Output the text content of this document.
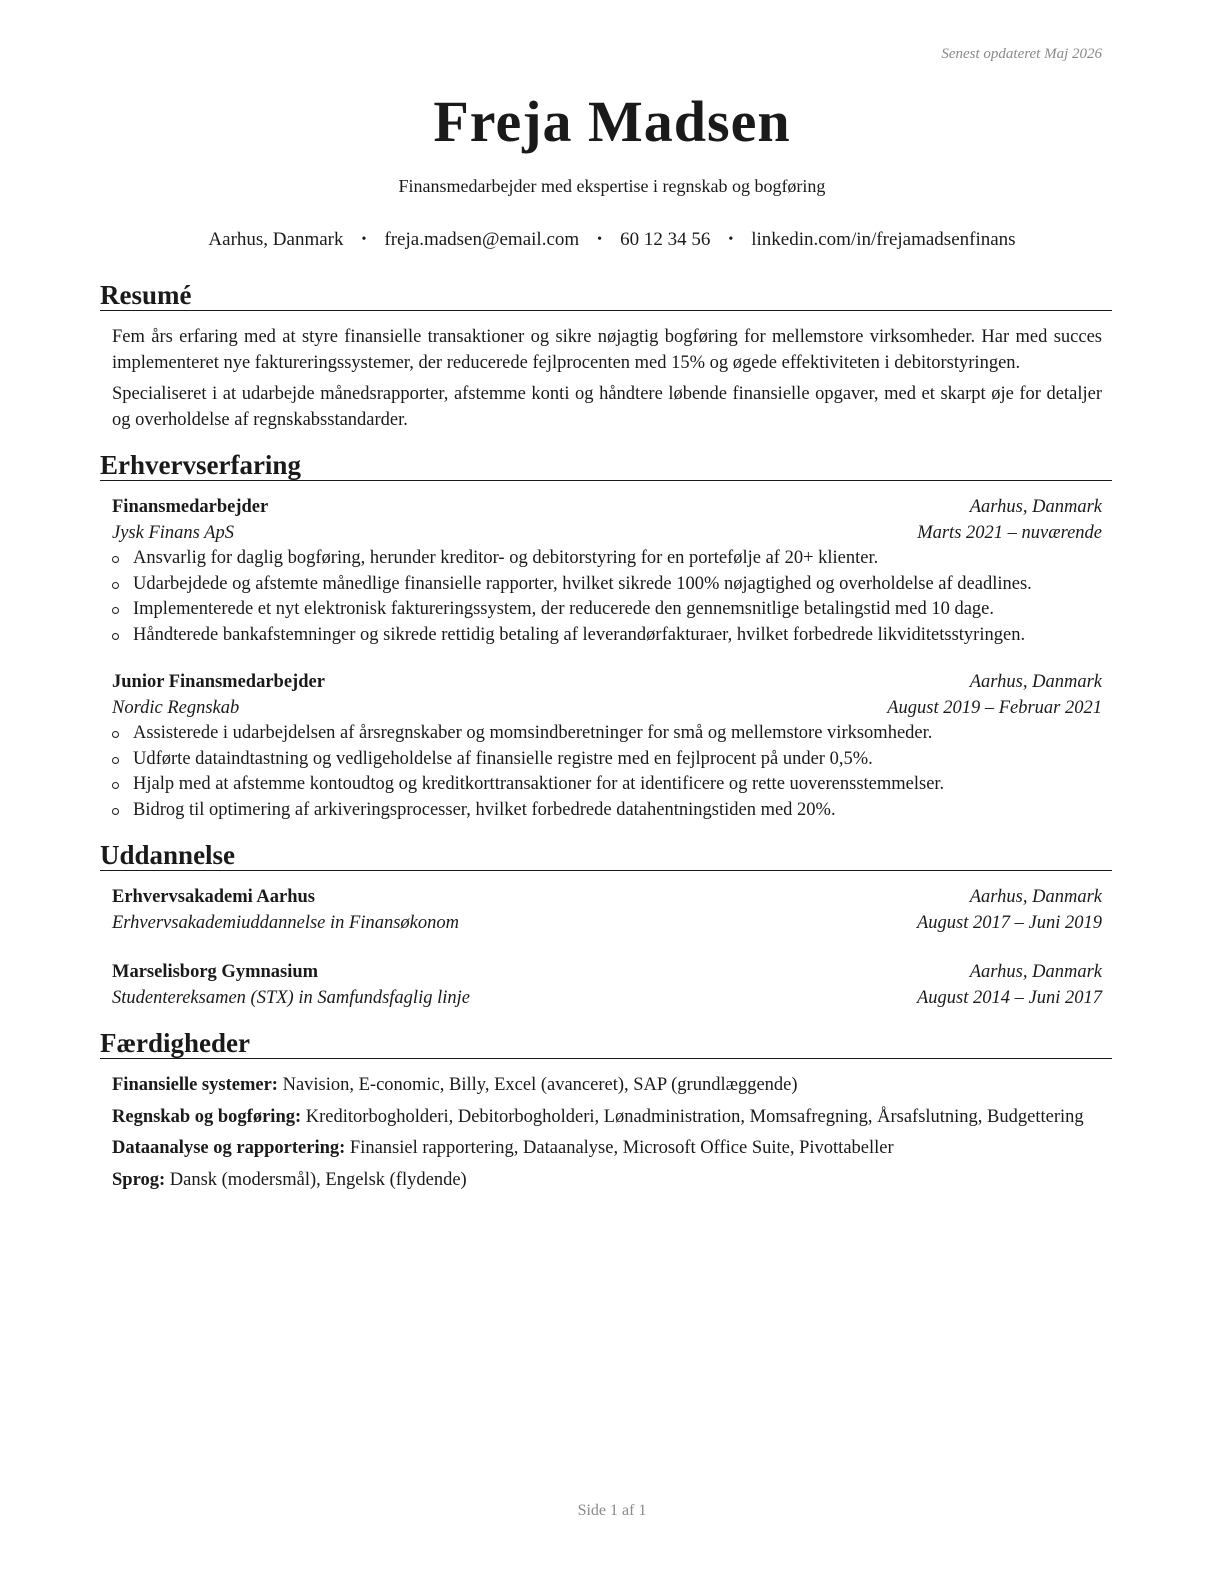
Senest opdateret Maj 2026
Freja Madsen
Finansmedarbejder med ekspertise i regnskab og bogføring
Aarhus, Danmark • freja.madsen@email.com • 60 12 34 56 • linkedin.com/in/frejamadsenfinans
Resumé

Fem års erfaring med at styre finansielle transaktioner og sikre nøjagtig bogføring for mellemstore virksomheder. Har med succes implementeret nye faktureringssystemer, der reducerede fejlprocenten med 15% og øgede effektiviteten i debitorstyringen.

Specialiseret i at udarbejde månedsrapporter, afstemme konti og håndtere løbende finansielle opgaver, med et skarpt øje for detaljer og overholdelse af regnskabsstandarder.

Erhvervserfaring
Finansmedarbejder	Aarhus, Danmark
Jysk Finans ApS	Marts 2021 – nuværende
Ansvarlig for daglig bogføring, herunder kreditor- og debitorstyring for en portefølje af 20+ klienter.
Udarbejdede og afstemte månedlige finansielle rapporter, hvilket sikrede 100% nøjagtighed og overholdelse af deadlines.
Implementerede et nyt elektronisk faktureringssystem, der reducerede den gennemsnitlige betalingstid med 10 dage.
Håndterede bankafstemninger og sikrede rettidig betaling af leverandørfakturaer, hvilket forbedrede likviditetsstyringen.
Junior Finansmedarbejder	Aarhus, Danmark
Nordic Regnskab	August 2019 – Februar 2021
Assisterede i udarbejdelsen af årsregnskaber og momsindberetninger for små og mellemstore virksomheder.
Udførte dataindtastning og vedligeholdelse af finansielle registre med en fejlprocent på under 0,5%.
Hjalp med at afstemme kontoudtog og kreditkorttransaktioner for at identificere og rette uoverensstemmelser.
Bidrog til optimering af arkiveringsprocesser, hvilket forbedrede datahentningstiden med 20%.
Uddannelse
Erhvervsakademi Aarhus	Aarhus, Danmark
Erhvervsakademiuddannelse in Finansøkonom	August 2017 – Juni 2019
Marselisborg Gymnasium	Aarhus, Danmark
Studentereksamen (STX) in Samfundsfaglig linje	August 2014 – Juni 2017
Færdigheder

Finansielle systemer: Navision, E-conomic, Billy, Excel (avanceret), SAP (grundlæggende)

Regnskab og bogføring: Kreditorbogholderi, Debitorbogholderi, Lønadministration, Momsafregning, Årsafslutning, Budgettering

Dataanalyse og rapportering: Finansiel rapportering, Dataanalyse, Microsoft Office Suite, Pivottabeller

Sprog: Dansk (modersmål), Engelsk (flydende)

Side 1 af 1
